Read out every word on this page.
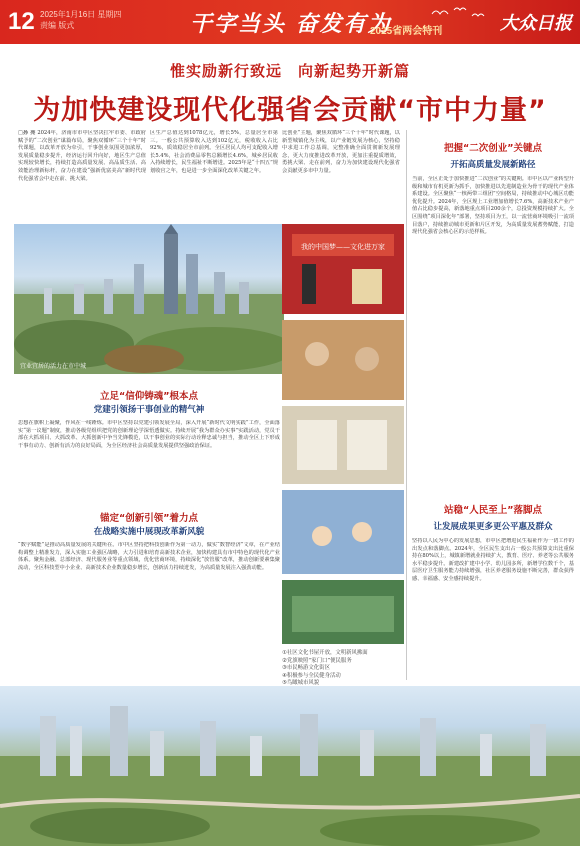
12 2025年1月16日 星期四
责编 版式	干字当头 奋发有为
2025省两会特刊	大众日报
惟实励新行致远　向新起势开新篇
为加快建设现代化强省会贡献“市中力量”
□孙 亮 2024年，济南市市中区坚决扛牢市委、市政府赋予的“二次创业”谋篇布局，聚焦双循环“三个十年”时代课题，以改革开放为牵引，干事创业氛围更加浓厚，发展质量稳步提升，经济运行回升向好，地区生产总值实现较快增长，持续打造高质量发展、高品质生活、高效能治理新标杆，奋力在建设“强新优富美高”新时代现代化强省会中走在前、挑大梁。
区生产总值达到1078亿元，增长5%，总量居全市第三。一般公共预算收入达到102亿元，税收收入占比92%，质效稳居全市前列。全区居民人均可支配收入增长5.4%，社会消费品零售总额增长4.6%，城乡居民收入持续增长，民生福祉不断增进。2025年是“十四五”规划收官之年，也是进一步全面深化改革关键之年。
比创业”主题，聚焦双循环“三个十年”时代课题，以新型城镇化为主线，以产业链发展为核心，坚持稳中求进工作总基调，完整准确全面贯彻新发展理念，更大力度推进改革开放，更加注重提质增效，勇挑大梁、走在前列，奋力为加快建设现代化强省会贡献更多市中力量。
宜业宜居的活力在市中城
立足“信仰铸魂”根本点
党建引领扬干事创业的精气神
思想在旗帜上凝聚，作风在一线锤炼。市中区坚持以党建引领发展全局，深入开展“新时代文明实践”工作，全面落实“第一议题”制度，推动各级党组织把党的创新理论学深悟透做实。持续开展“我为群众办实事”实践活动，党员干部在大抓项目、大抓改革、大抓创新中争当先锋模范，以干事创业的实际行动诠释忠诚与担当，推动全区上下形成干事有动力、创新有活力的良好局面，为全区经济社会高质量发展提供坚强政治保证。
锚定“创新引领”着力点
在战略实施中展现改革新风貌
“数字赋能”是推动高质量发展的关键所在。市中区坚持把科技创新作为第一动力，做实“数智经济”文章，在产业结构调整上精准发力，深入实施工业强区战略，大力引进和培育高新技术企业，加快构建具有市中特色的现代化产业体系。聚焦金融、总部经济、现代服务业等重点领域，优化营商环境，持续深化“放管服”改革，推动创新要素集聚流动，全区科技型中小企业、高新技术企业数量稳步增长，创新活力持续迸发，为高质量发展注入强劲动能。
我的中国梦——文化进万家
①社区文化书屋开放，文明新风拂面
②党旗映照“家门口”便民服务
③市民畅游文化街区
④积极参与全民健身活动
⑤鸟瞰城市风貌
把握“二次创业”关键点
开拓高质量发展新路径
当前，全区正处于加快推进“二次创业”的关键期。市中区以产业转型升级和城市有机更新为抓手，加快推进以先进制造业为骨干的现代产业体系建设。全区聚焦“一核两带三组团”空间格局，持续推动中心城区功能优化提升。2024年，全区规上工业增加值增长7.6%，高新技术产业产值占比稳步提高，新落地重点项目200余个，总投资规模持续扩大。全区围绕“项目深化年”部署，坚持项目为王，以一流营商环境吸引一流项目落户，持续推动城市更新和片区开发，为高质量发展蓄势赋能，打造现代化强省会核心区的示范样板。
站稳“人民至上”落脚点
让发展成果更多更公平惠及群众
坚持以人民为中心的发展思想，市中区把增进民生福祉作为一切工作的出发点和落脚点。2024年，全区民生支出占一般公共预算支出比重保持在80%以上，城镇新增就业持续扩大，教育、医疗、养老等公共服务水平稳步提升。新建改扩建中小学、幼儿园多所，新增学位数千个，基层医疗卫生服务能力持续增强，社区养老服务设施不断完善，群众获得感、幸福感、安全感持续提升。
